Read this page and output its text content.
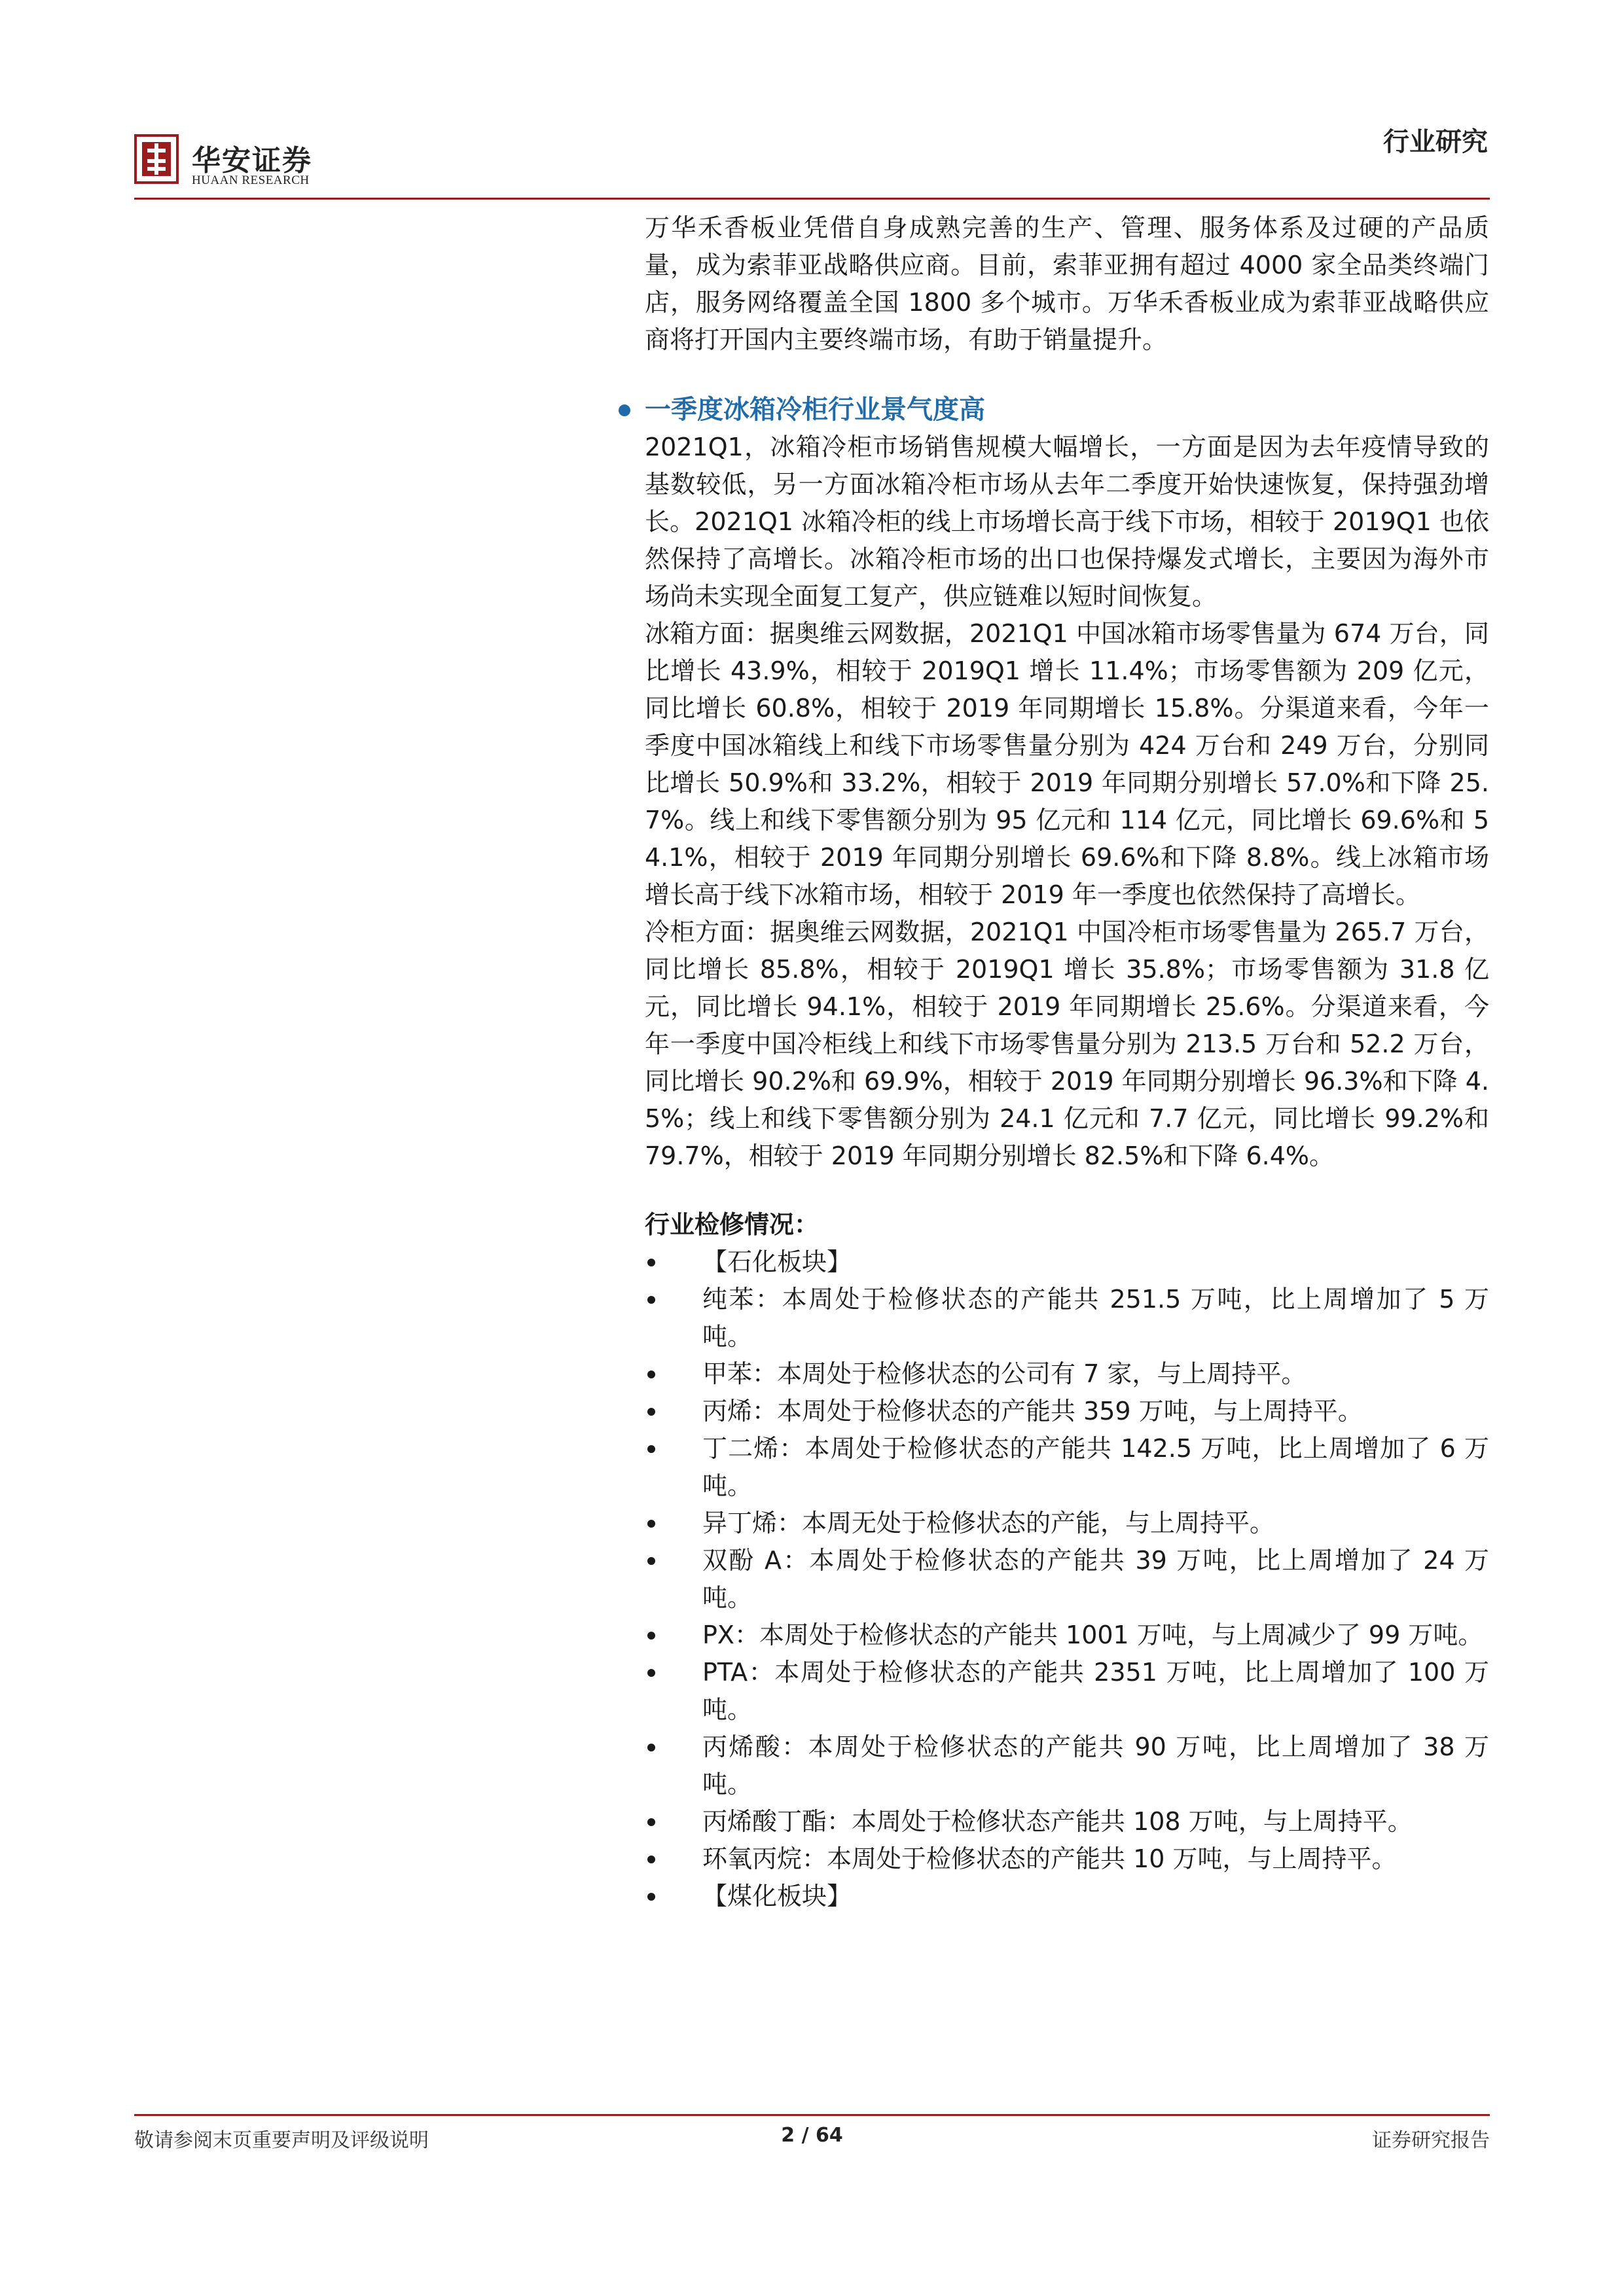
华安证券
HUAAN RESEARCH
行业研究

万华禾香板业凭借自身成熟完善的生产、管理、服务体系及过硬的产品质量，成为索菲亚战略供应商。目前，索菲亚拥有超过 4000 家全品类终端门店，服务网络覆盖全国 1800 多个城市。万华禾香板业成为索菲亚战略供应商将打开国内主要终端市场，有助于销量提升。

一季度冰箱冷柜行业景气度高

2021Q1，冰箱冷柜市场销售规模大幅增长，一方面是因为去年疫情导致的基数较低，另一方面冰箱冷柜市场从去年二季度开始快速恢复，保持强劲增长。2021Q1 冰箱冷柜的线上市场增长高于线下市场，相较于 2019Q1 也依然保持了高增长。冰箱冷柜市场的出口也保持爆发式增长，主要因为海外市场尚未实现全面复工复产，供应链难以短时间恢复。

冰箱方面：据奥维云网数据，2021Q1 中国冰箱市场零售量为 674 万台，同比增长 43.9%，相较于 2019Q1 增长 11.4%；市场零售额为 209 亿元，同比增长 60.8%，相较于 2019 年同期增长 15.8%。分渠道来看，今年一季度中国冰箱线上和线下市场零售量分别为 424 万台和 249 万台，分别同比增长 50.9%和 33.2%，相较于 2019 年同期分别增长 57.0%和下降 25.7%。线上和线下零售额分别为 95 亿元和 114 亿元，同比增长 69.6%和 54.1%，相较于 2019 年同期分别增长 69.6%和下降 8.8%。线上冰箱市场增长高于线下冰箱市场，相较于 2019 年一季度也依然保持了高增长。

冷柜方面：据奥维云网数据，2021Q1 中国冷柜市场零售量为 265.7 万台，同比增长 85.8%，相较于 2019Q1 增长 35.8%；市场零售额为 31.8 亿元，同比增长 94.1%，相较于 2019 年同期增长 25.6%。分渠道来看，今年一季度中国冷柜线上和线下市场零售量分别为 213.5 万台和 52.2 万台，同比增长 90.2%和 69.9%，相较于 2019 年同期分别增长 96.3%和下降 4.5%；线上和线下零售额分别为 24.1 亿元和 7.7 亿元，同比增长 99.2%和 79.7%，相较于 2019 年同期分别增长 82.5%和下降 6.4%。

行业检修情况：
【石化板块】
纯苯：本周处于检修状态的产能共 251.5 万吨，比上周增加了 5 万吨。
甲苯：本周处于检修状态的公司有 7 家，与上周持平。
丙烯：本周处于检修状态的产能共 359 万吨，与上周持平。
丁二烯：本周处于检修状态的产能共 142.5 万吨，比上周增加了 6 万吨。
异丁烯：本周无处于检修状态的产能，与上周持平。
双酚 A：本周处于检修状态的产能共 39 万吨，比上周增加了 24 万吨。
PX：本周处于检修状态的产能共 1001 万吨，与上周减少了 99 万吨。
PTA：本周处于检修状态的产能共 2351 万吨，比上周增加了 100 万吨。
丙烯酸：本周处于检修状态的产能共 90 万吨，比上周增加了 38 万吨。
丙烯酸丁酯：本周处于检修状态产能共 108 万吨，与上周持平。
环氧丙烷：本周处于检修状态的产能共 10 万吨，与上周持平。
【煤化板块】
敬请参阅末页重要声明及评级说明	2 / 64	证券研究报告
